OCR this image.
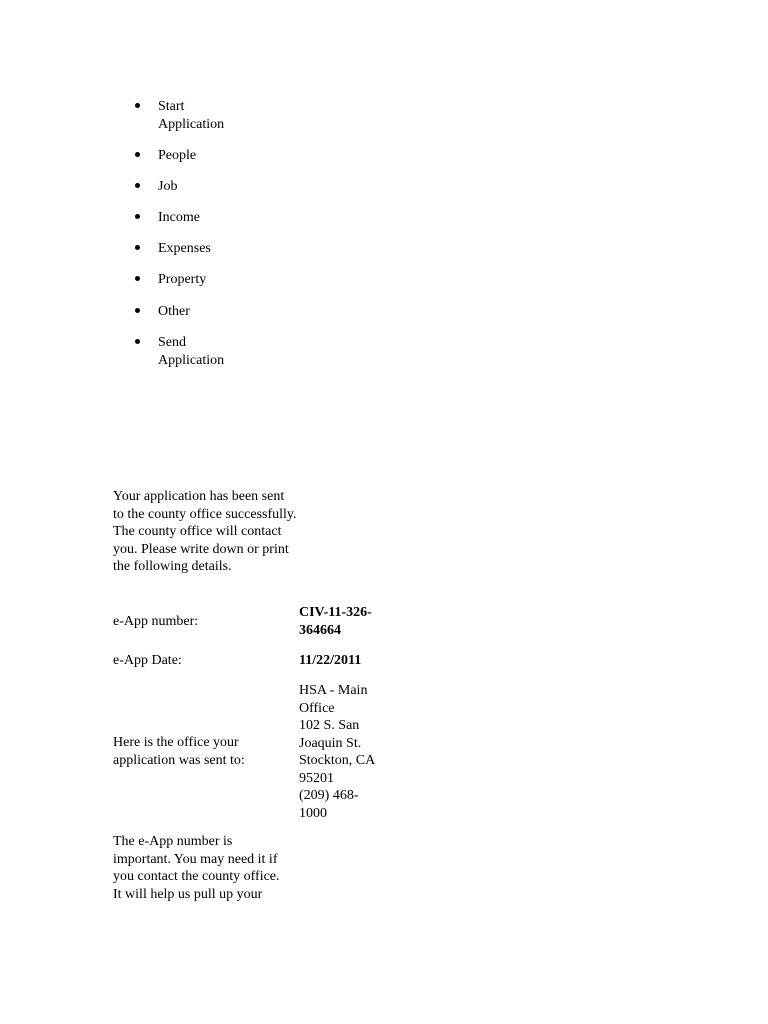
Start
Application
People
Job
Income
Expenses
Property
Other
Send
Application

Your application has been sent to the county office successfully. The county office will contact you. Please write down or print the following details.

e-App number:
CIV-11-326-
364664
e-App Date:	11/22/2011
Here is the office your
application was sent to:
HSA - Main
Office
102 S. San
Joaquin St.
Stockton, CA
95201
(209) 468-
1000
The e-App number is
important. You may need it if
you contact the county office.
It will help us pull up your
